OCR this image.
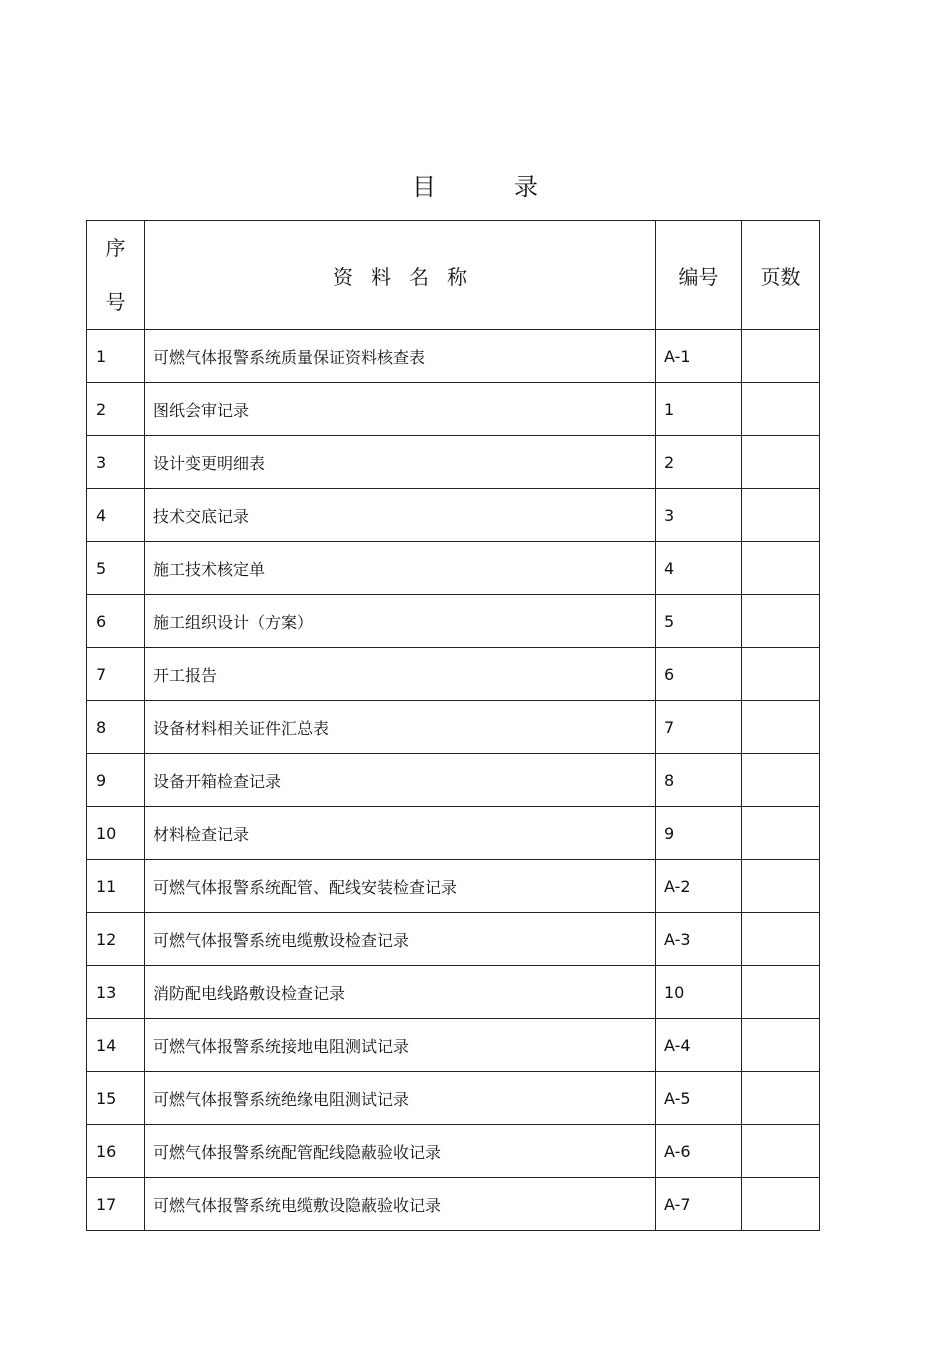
目	录
序
号	资料名称	编号	页数
1	可燃气体报警系统质量保证资料核查表	A-1	
2	图纸会审记录	1	
3	设计变更明细表	2	
4	技术交底记录	3	
5	施工技术核定单	4	
6	施工组织设计（方案）	5	
7	开工报告	6	
8	设备材料相关证件汇总表	7	
9	设备开箱检查记录	8	
10	材料检查记录	9	
11	可燃气体报警系统配管、配线安装检查记录	A-2	
12	可燃气体报警系统电缆敷设检查记录	A-3	
13	消防配电线路敷设检查记录	10	
14	可燃气体报警系统接地电阻测试记录	A-4	
15	可燃气体报警系统绝缘电阻测试记录	A-5	
16	可燃气体报警系统配管配线隐蔽验收记录	A-6	
17	可燃气体报警系统电缆敷设隐蔽验收记录	A-7	
